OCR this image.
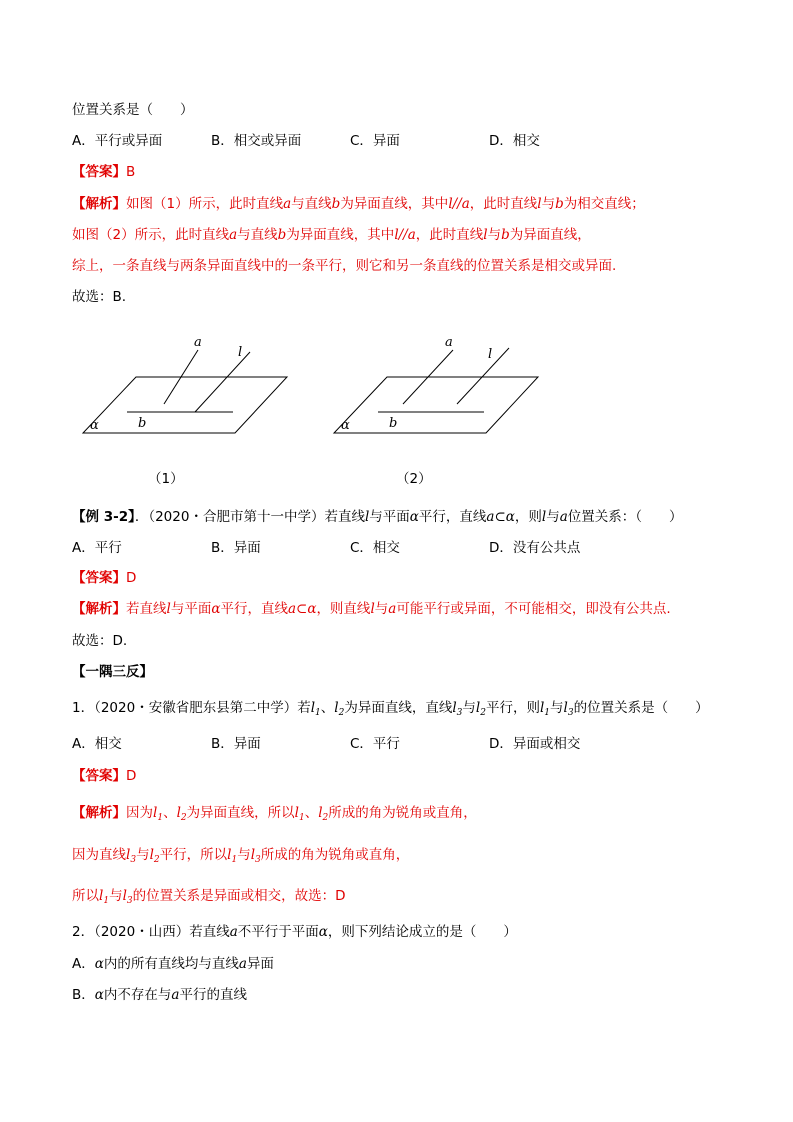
位置关系是（　　）
A．平行或异面	B．相交或异面	C．异面	D．相交
【答案】B
【解析】如图（1）所示，此时直线a与直线b为异面直线，其中l//a，此时直线l与b为相交直线；
如图（2）所示，此时直线a与直线b为异面直线，其中l//a，此时直线l与b为异面直线，
综上，一条直线与两条异面直线中的一条平行，则它和另一条直线的位置关系是相交或异面.
故选：B.
a
l
b
α
（1）
a
l
b
α
（2）
【例 3-2】．（2020・合肥市第十一中学）若直线l与平面α平行，直线a⊂α，则l与a位置关系：（　　）
A．平行	B．异面	C．相交	D．没有公共点
【答案】D
【解析】若直线l与平面α平行，直线a⊂α，则直线l与a可能平行或异面，不可能相交，即没有公共点.
故选：D.
【一隅三反】
1．（2020・安徽省肥东县第二中学）若$l_1$、$l_2$为异面直线，直线$l_3$与$l_2$平行，则$l_1$与$l_3$的位置关系是（　　）
A．相交	B．异面	C．平行	D．异面或相交
【答案】D
【解析】因为$l_1$、$l_2$为异面直线，所以$l_1$、$l_2$所成的角为锐角或直角，
因为直线$l_3$与$l_2$平行，所以$l_1$与$l_3$所成的角为锐角或直角，
所以$l_1$与$l_3$的位置关系是异面或相交，故选：D
2．（2020・山西）若直线a不平行于平面α，则下列结论成立的是（　　）
A．α内的所有直线均与直线a异面
B．α内不存在与a平行的直线
